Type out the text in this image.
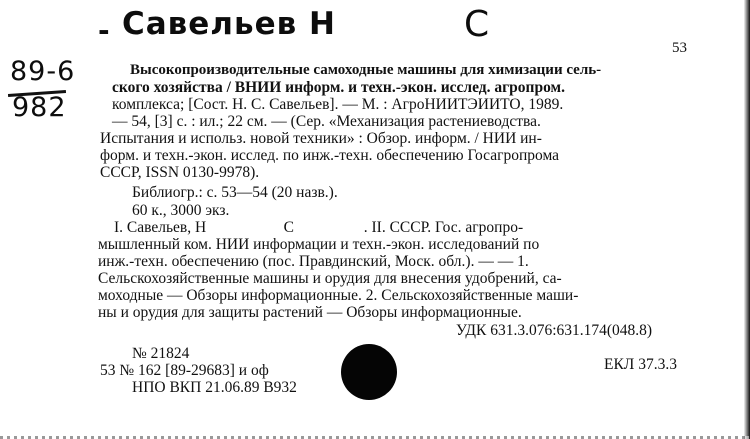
- Савельев Н	С
89-6
982
53
Высокопроизводительные самоходные машины для химизации сель-
ского хозяйства / ВНИИ информ. и техн.-экон. исслед. агропром.
комплекса; [Сост. Н. С. Савельев]. — М. : АгроНИИТЭИИТО, 1989.
— 54, [3] с. : ил.; 22 см. — (Сер. «Механизация растениеводства.
Испытания и использ. новой техники» : Обзор. информ. / НИИ ин-
форм. и техн.-экон. исслед. по инж.-техн. обеспечению Госагропрома
СССР, ISSN 0130-9978).
Библиогр.: с. 53—54 (20 назв.).
60 к., 3000 экз.
I. Савельев, Н                    С                  . II. СССР. Гос. агропро-
мышленный ком. НИИ информации и техн.-экон. исследований по
инж.-техн. обеспечению (пос. Правдинский, Моск. обл.). — — 1.
Сельскохозяйственные машины и орудия для внесения удобрений, са-
моходные — Обзоры информационные. 2. Сельскохозяйственные маши-
ны и орудия для защиты растений — Обзоры информационные.
УДК 631.3.076:631.174(048.8)
№ 21824
53 № 162 [89-29683] и оф
НПО ВКП 21.06.89 В932
ЕКЛ 37.3.3
